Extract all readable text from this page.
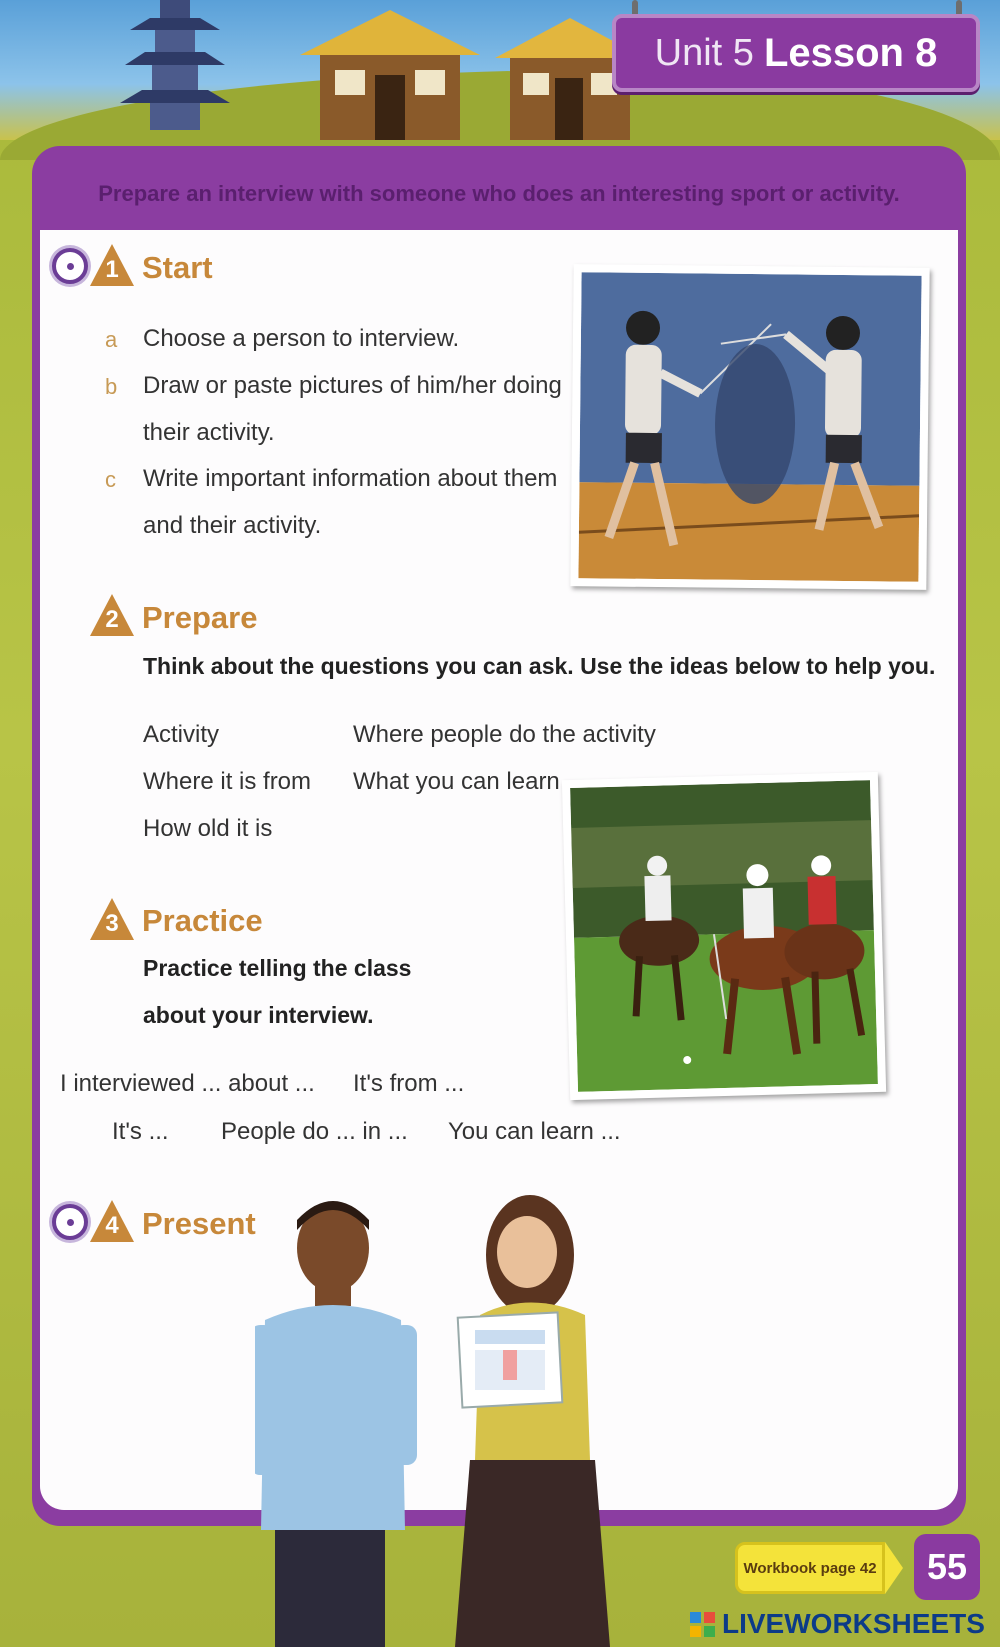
Unit 5 Lesson 8
Prepare an interview with someone who does an interesting sport or activity.
1 Start
a Choose a person to interview.
b Draw or paste pictures of him/her doing
their activity.
c Write important information about them
and their activity.
2 Prepare
Think about the questions you can ask. Use the ideas below to help you.
Activity
Where it is from
How old it is
Where people do the activity
What you can learn
3 Practice
Practice telling the class
about your interview.
I interviewed ... about ... It's from ...
It's ... People do ... in ... You can learn ...
4 Present
Workbook page 42	55
LIVEWORKSHEETS
